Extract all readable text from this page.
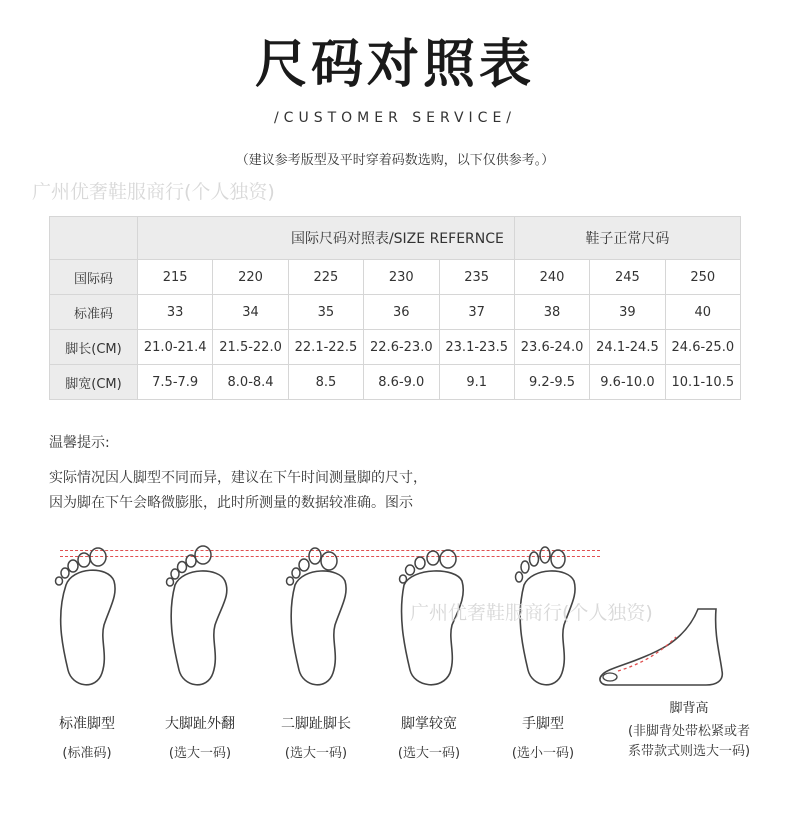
尺码对照表
/CUSTOMER SERVICE/
（建议参考版型及平时穿着码数选购，以下仅供参考。）
广州优奢鞋服商行(个人独资)
	国际尺码对照表/SIZE REFERNCE					鞋子正常尺码		
国际码	215	220	225	230	235	240	245	250
标准码	33	34	35	36	37	38	39	40
脚长(CM)	21.0-21.4	21.5-22.0	22.1-22.5	22.6-23.0	23.1-23.5	23.6-24.0	24.1-24.5	24.6-25.0
脚宽(CM)	7.5-7.9	8.0-8.4	8.5	8.6-9.0	9.1	9.2-9.5	9.6-10.0	10.1-10.5
温馨提示:
实际情况因人脚型不同而异，建议在下午时间测量脚的尺寸，
因为脚在下午会略微膨胀，此时所测量的数据较准确。图示
广州优奢鞋服商行(个人独资)
标准脚型
(标准码)
大脚趾外翻
(选大一码)
二脚趾脚长
(选大一码)
脚掌较宽
(选大一码)
手脚型
(选小一码)
脚背高
(非脚背处带松紧或者
系带款式则选大一码)
